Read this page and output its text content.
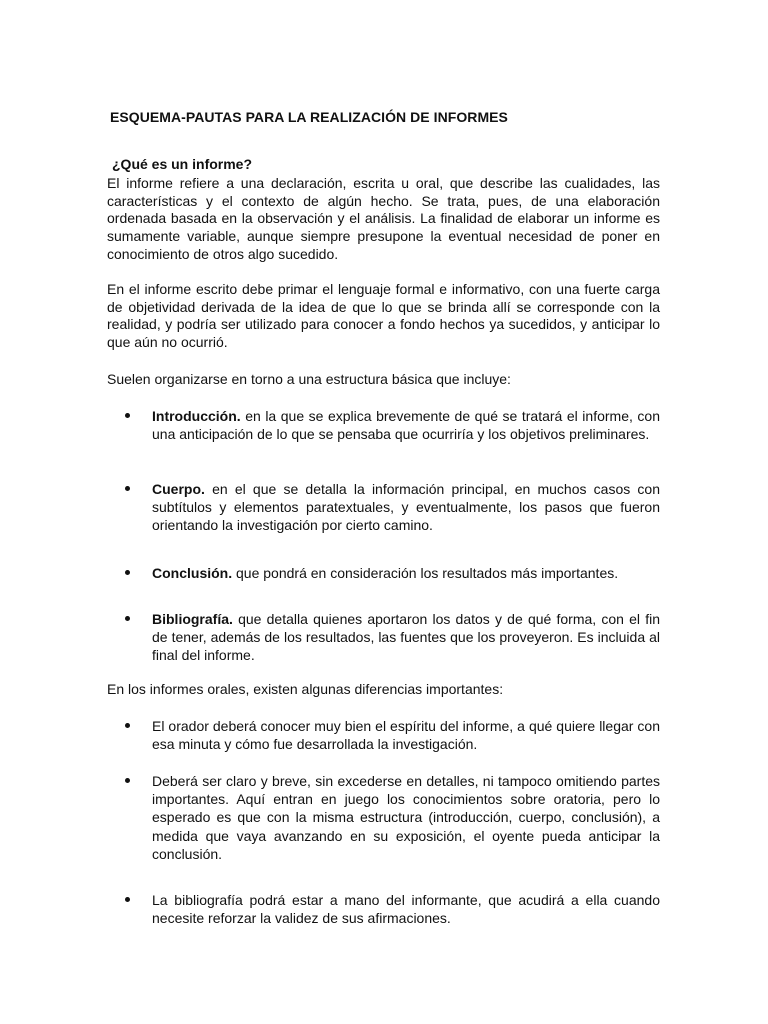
ESQUEMA-PAUTAS PARA LA REALIZACIÓN DE INFORMES
¿Qué es un informe?
El informe refiere a una declaración, escrita u oral, que describe las cualidades, las características y el contexto de algún hecho. Se trata, pues, de una elaboración ordenada basada en la observación y el análisis. La finalidad de elaborar un informe es sumamente variable, aunque siempre presupone la eventual necesidad de poner en conocimiento de otros algo sucedido.
En el informe escrito debe primar el lenguaje formal e informativo, con una fuerte carga de objetividad derivada de la idea de que lo que se brinda allí se corresponde con la realidad, y podría ser utilizado para conocer a fondo hechos ya sucedidos, y anticipar lo que aún no ocurrió.
Suelen organizarse en torno a una estructura básica que incluye:
Introducción. en la que se explica brevemente de qué se tratará el informe, con una anticipación de lo que se pensaba que ocurriría y los objetivos preliminares.
Cuerpo. en el que se detalla la información principal, en muchos casos con subtítulos y elementos paratextuales, y eventualmente, los pasos que fueron orientando la investigación por cierto camino.
Conclusión. que pondrá en consideración los resultados más importantes.
Bibliografía. que detalla quienes aportaron los datos y de qué forma, con el fin de tener, además de los resultados, las fuentes que los proveyeron. Es incluida al final del informe.
En los informes orales, existen algunas diferencias importantes:
El orador deberá conocer muy bien el espíritu del informe, a qué quiere llegar con esa minuta y cómo fue desarrollada la investigación.
Deberá ser claro y breve, sin excederse en detalles, ni tampoco omitiendo partes importantes. Aquí entran en juego los conocimientos sobre oratoria, pero lo esperado es que con la misma estructura (introducción, cuerpo, conclusión), a medida que vaya avanzando en su exposición, el oyente pueda anticipar la conclusión.
La bibliografía podrá estar a mano del informante, que acudirá a ella cuando necesite reforzar la validez de sus afirmaciones.
